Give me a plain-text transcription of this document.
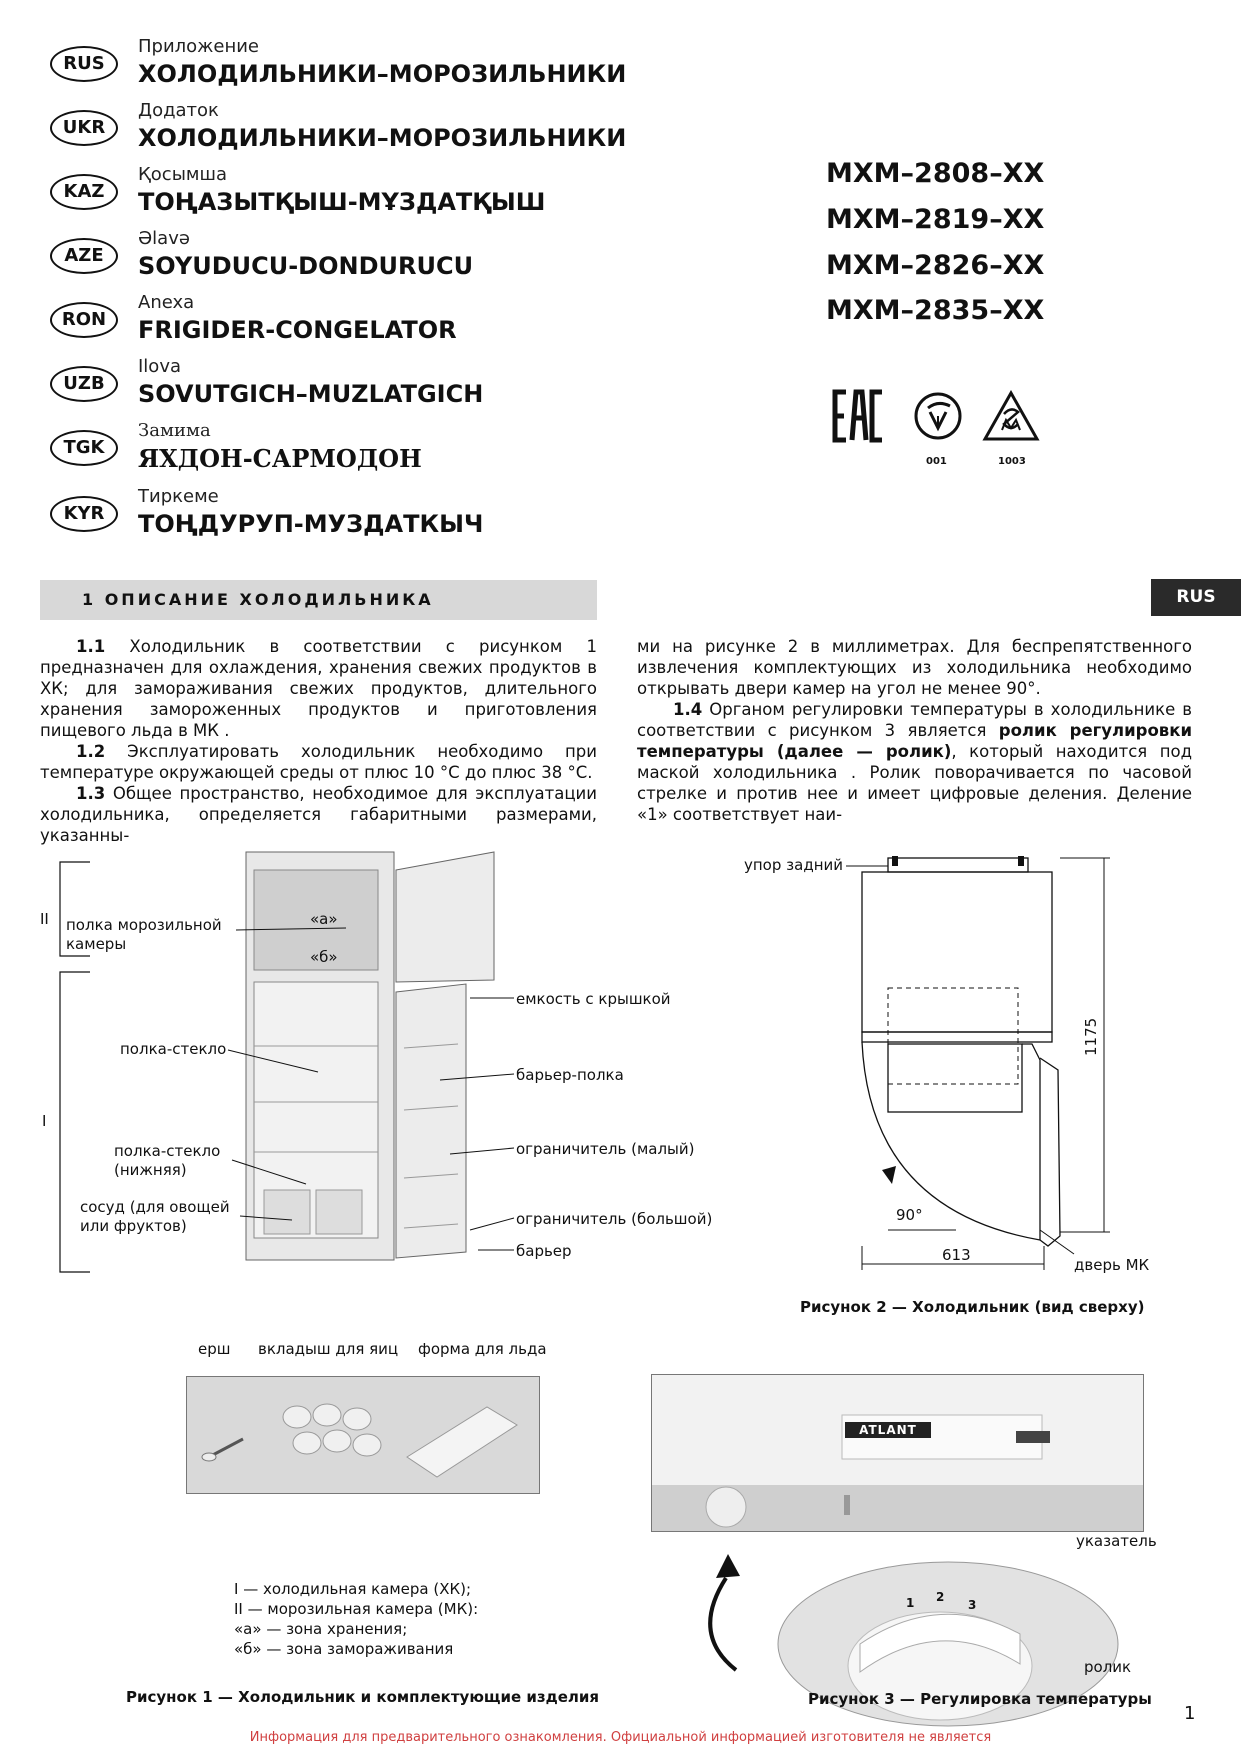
RUS
Приложение
ХОЛОДИЛЬНИКИ–МОРОЗИЛЬНИКИ
UKR
Додаток
ХОЛОДИЛЬНИКИ–МОРОЗИЛЬНИКИ
KAZ
Қосымша
ТОҢАЗЫТҚЫШ-МҰЗДАТҚЫШ
AZE
Əlavə
SOYUDUCU-DONDURUCU
RON
Anexa
FRIGIDER-CONGELATOR
UZB
Ilova
SOVUTGICH–MUZLATGICH
TGK
Замима
ЯХДОН-САРМОДОН
KYR
Тиркеме
ТОҢДУРУП-МУЗДАТКЫЧ
МХМ–2808–ХХ
МХМ–2819–ХХ
МХМ–2826–ХХ
МХМ–2835–ХХ
001	1003
1 ОПИСАНИЕ ХОЛОДИЛЬНИКА	RUS

1.1 Холодильник в соответствии с рисунком 1 предназначен для охлаждения, хранения свежих продуктов в ХК; для замораживания свежих продуктов, длительного хранения замороженных продуктов и приготовления пищевого льда в МК .

1.2 Эксплуатировать холодильник необходимо при температуре окружающей среды от плюс 10 °С до плюс 38 °С.

1.3 Общее пространство, необходимое для эксплуатации холодильника, определяется габаритными размерами, указанны-

ми на рисунке 2 в миллиметрах. Для беспрепятственного извлечения комплектующих из холодильника необходимо открывать двери камер на угол не менее 90°.

1.4 Органом регулировки температуры в холодильнике в соответствии с рисунком 3 является ролик регулировки температуры (далее — ролик), который находится под маской холодильника . Ролик поворачивается по часовой стрелке и против нее и имеет цифровые деления. Деление «1» соответствует наи-

II
I
«а»
«б»
полка морозильной камеры
полка-стекло
полка-стекло (нижняя)
сосуд (для овощей или фруктов)
емкость с крышкой
барьер-полка
ограничитель (малый)
ограничитель (большой)
барьер
ерш вкладыш для яиц форма для льда
I — холодильная камера (ХК);
II — морозильная камера (МК):
«а» — зона хранения;
«б» — зона замораживания
Рисунок 1 — Холодильник и комплектующие изделия
упор задний
1175
90°
613
дверь МК
Рисунок 2 — Холодильник (вид сверху)
ATLANT
1 2
3
указатель
ролик
Рисунок 3 — Регулировка температуры
1
Информация для предварительного ознакомления. Официальной информацией изготовителя не является
